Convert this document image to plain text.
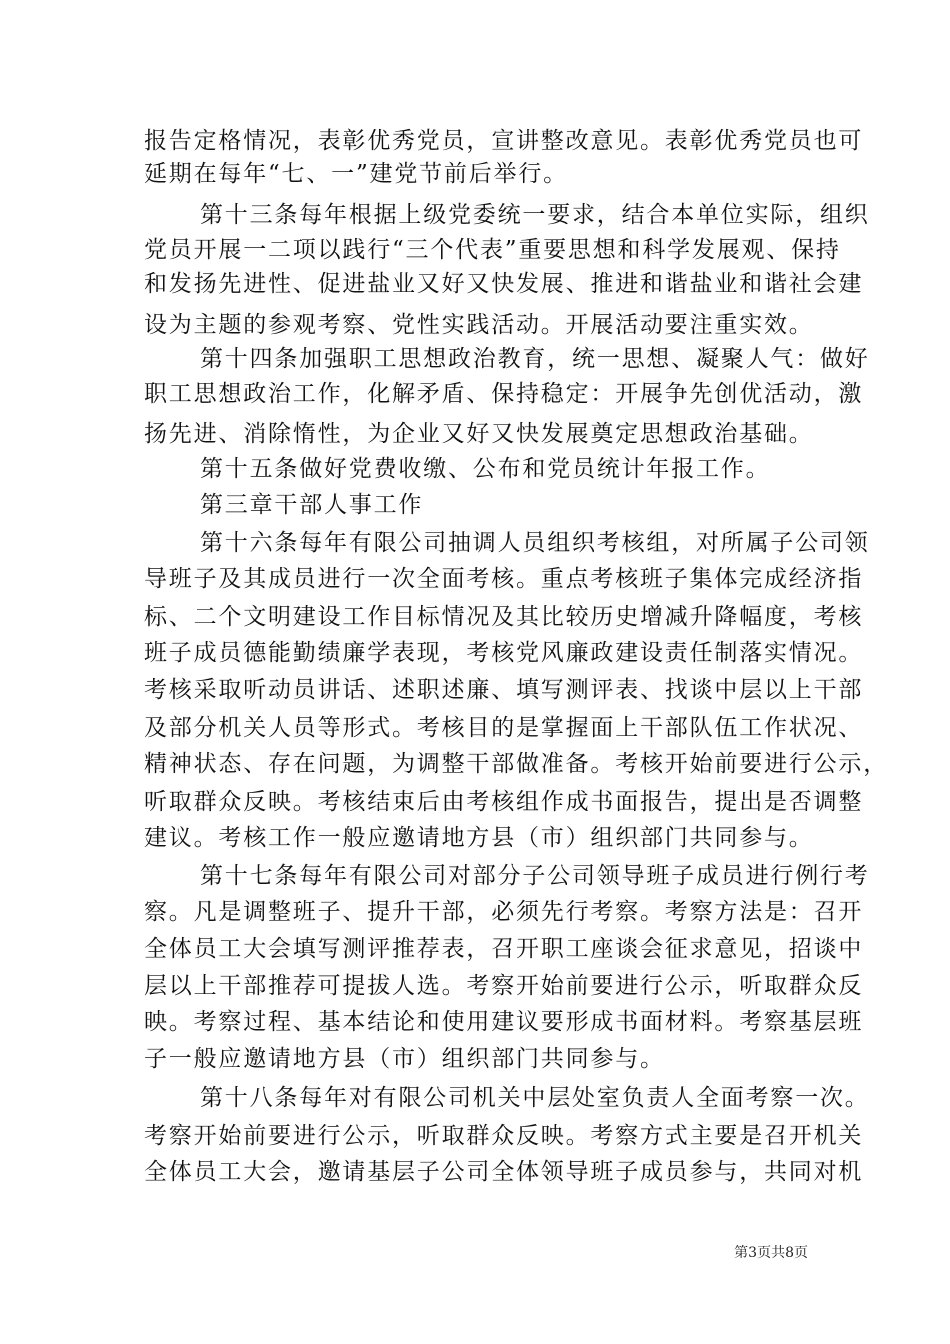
报告定格情况，表彰优秀党员，宣讲整改意见。表彰优秀党员也可
延期在每年“七、一”建党节前后举行。
第十三条每年根据上级党委统一要求，结合本单位实际，组织
党员开展一二项以践行“三个代表”重要思想和科学发展观、保持
和发扬先进性、促进盐业又好又快发展、推进和谐盐业和谐社会建
设为主题的参观考察、党性实践活动。开展活动要注重实效。
第十四条加强职工思想政治教育，统一思想、凝聚人气：做好
职工思想政治工作，化解矛盾、保持稳定：开展争先创优活动，激
扬先进、消除惰性，为企业又好又快发展奠定思想政治基础。
第十五条做好党费收缴、公布和党员统计年报工作。
第三章干部人事工作
第十六条每年有限公司抽调人员组织考核组，对所属子公司领
导班子及其成员进行一次全面考核。重点考核班子集体完成经济指
标、二个文明建设工作目标情况及其比较历史增减升降幅度，考核
班子成员德能勤绩廉学表现，考核党风廉政建设责任制落实情况。
考核采取听动员讲话、述职述廉、填写测评表、找谈中层以上干部
及部分机关人员等形式。考核目的是掌握面上干部队伍工作状况、
精神状态、存在问题，为调整干部做准备。考核开始前要进行公示，
听取群众反映。考核结束后由考核组作成书面报告，提出是否调整
建议。考核工作一般应邀请地方县（市）组织部门共同参与。
第十七条每年有限公司对部分子公司领导班子成员进行例行考
察。凡是调整班子、提升干部，必须先行考察。考察方法是：召开
全体员工大会填写测评推荐表，召开职工座谈会征求意见，招谈中
层以上干部推荐可提拔人选。考察开始前要进行公示，听取群众反
映。考察过程、基本结论和使用建议要形成书面材料。考察基层班
子一般应邀请地方县（市）组织部门共同参与。
第十八条每年对有限公司机关中层处室负责人全面考察一次。
考察开始前要进行公示，听取群众反映。考察方式主要是召开机关
全体员工大会，邀请基层子公司全体领导班子成员参与，共同对机
第3页共8页
